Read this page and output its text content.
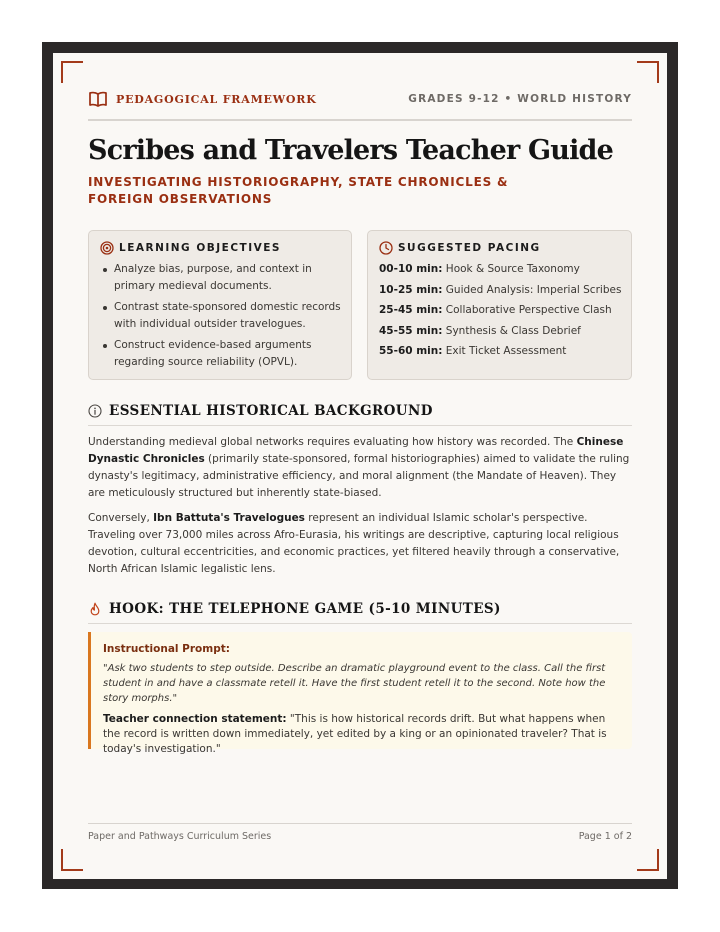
PEDAGOGICAL FRAMEWORK	GRADES 9-12 • WORLD HISTORY
Scribes and Travelers Teacher Guide
INVESTIGATING HISTORIOGRAPHY, STATE CHRONICLES & FOREIGN OBSERVATIONS
LEARNING OBJECTIVES
Analyze bias, purpose, and context in primary medieval documents.
Contrast state-sponsored domestic records with individual outsider travelogues.
Construct evidence-based arguments regarding source reliability (OPVL).
SUGGESTED PACING
00-10 min: Hook & Source Taxonomy
10-25 min: Guided Analysis: Imperial Scribes
25-45 min: Collaborative Perspective Clash
45-55 min: Synthesis & Class Debrief
55-60 min: Exit Ticket Assessment
ESSENTIAL HISTORICAL BACKGROUND
Understanding medieval global networks requires evaluating how history was recorded. The Chinese Dynastic Chronicles (primarily state-sponsored, formal historiographies) aimed to validate the ruling dynasty's legitimacy, administrative efficiency, and moral alignment (the Mandate of Heaven). They are meticulously structured but inherently state-biased.
Conversely, Ibn Battuta's Travelogues represent an individual Islamic scholar's perspective. Traveling over 73,000 miles across Afro-Eurasia, his writings are descriptive, capturing local religious devotion, cultural eccentricities, and economic practices, yet filtered heavily through a conservative, North African Islamic legalistic lens.
HOOK: THE TELEPHONE GAME (5-10 MINUTES)
Instructional Prompt:
"Ask two students to step outside. Describe an dramatic playground event to the class. Call the first student in and have a classmate retell it. Have the first student retell it to the second. Note how the story morphs."
Teacher connection statement: "This is how historical records drift. But what happens when the record is written down immediately, yet edited by a king or an opinionated traveler? That is today's investigation."
Paper and Pathways Curriculum Series	Page 1 of 2
